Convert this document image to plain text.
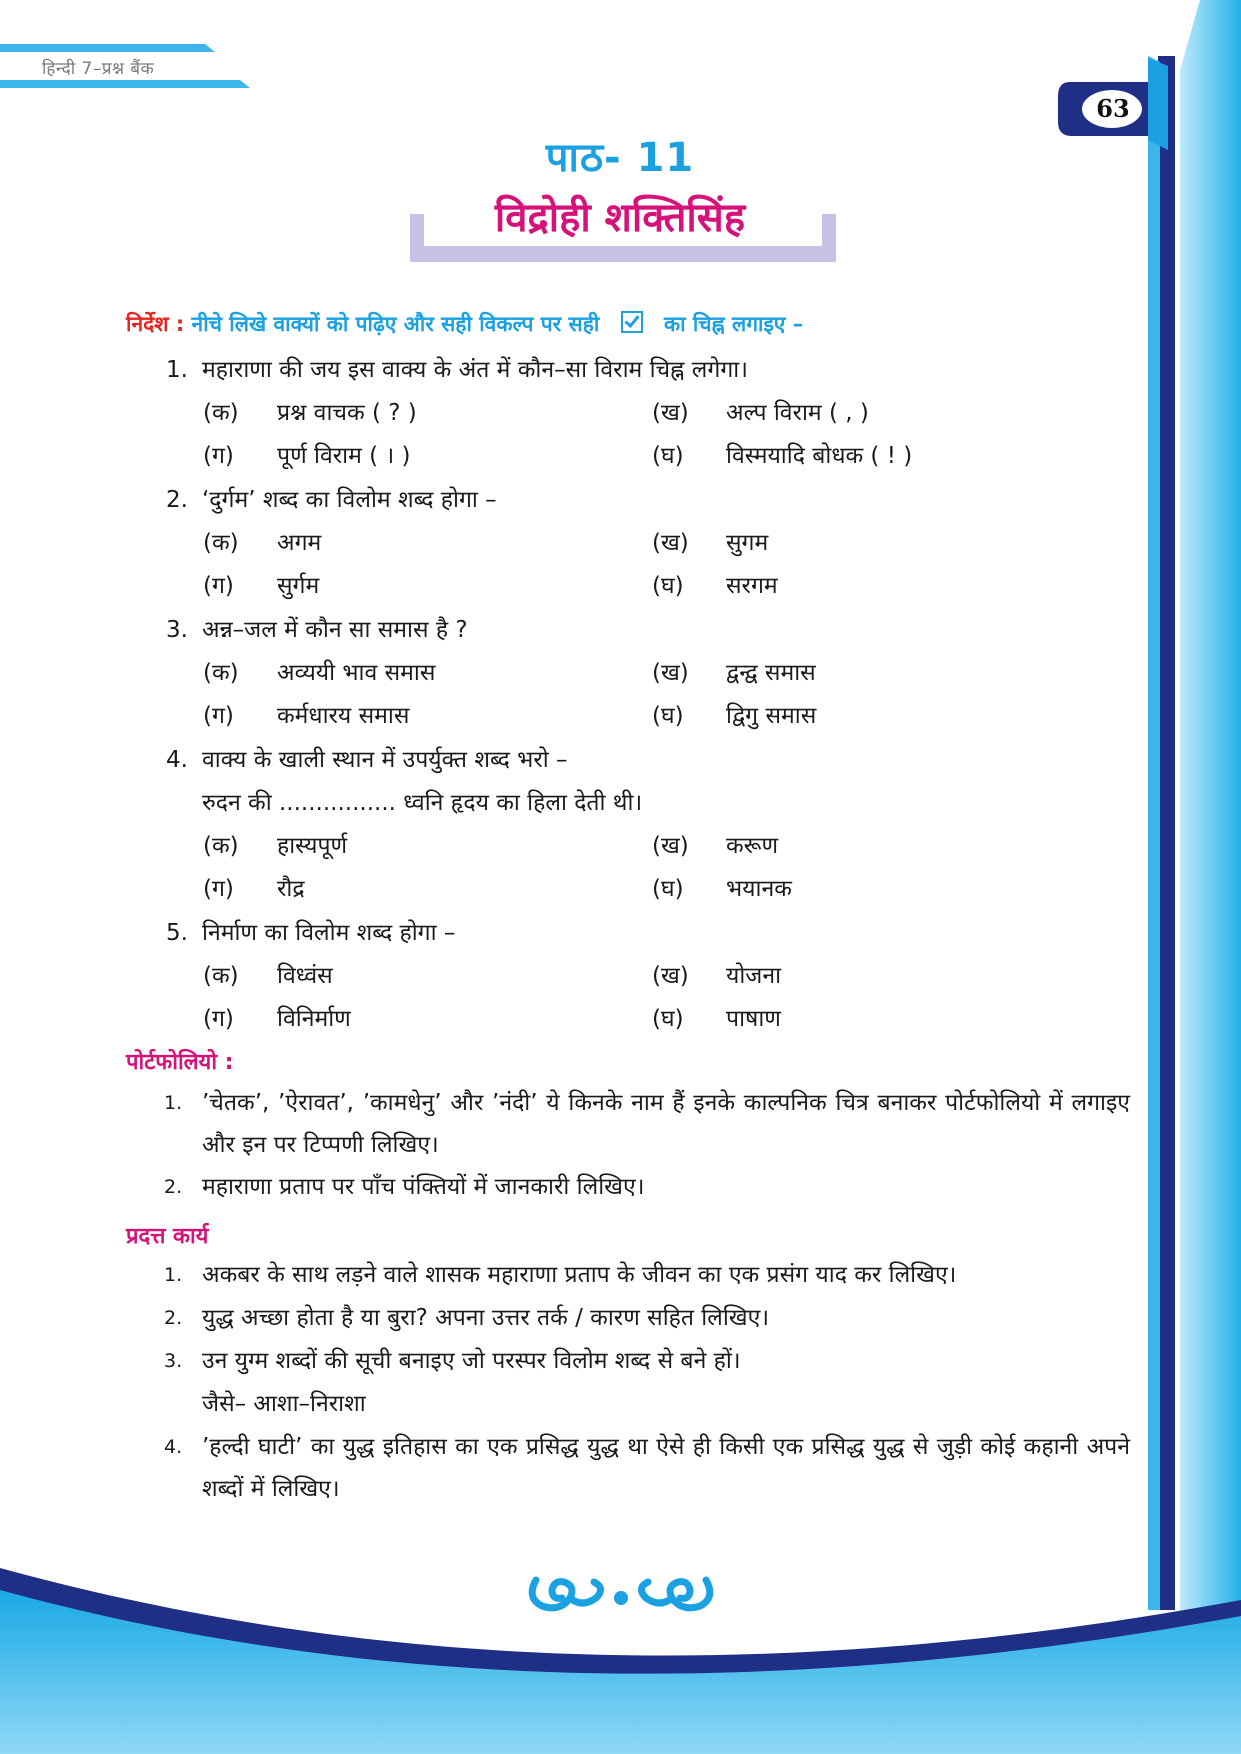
हिन्दी 7–प्रश्न बैंक
63
पाठ- 11
विद्रोही शक्तिसिंह
निर्देश : नीचे लिखे वाक्यों को पढ़िए और सही विकल्प पर सही	का चिह्न लगाइए –
1. महाराणा की जय इस वाक्य के अंत में कौन–सा विराम चिह्न लगेगा।
(क) प्रश्न वाचक ( ? )	(ख) अल्प विराम ( , )
(ग) पूर्ण विराम ( । )	(घ) विस्मयादि बोधक ( ! )
2. ‘दुर्गम’ शब्द का विलोम शब्द होगा –
(क) अगम	(ख) सुगम
(ग) सुर्गम	(घ) सरगम
3. अन्न–जल में कौन सा समास है ?
(क) अव्ययी भाव समास	(ख) द्वन्द्व समास
(ग) कर्मधारय समास	(घ) द्विगु समास
4. वाक्य के खाली स्थान में उपर्युक्त शब्द भरो –
रुदन की ................ ध्वनि हृदय का हिला देती थी।
(क) हास्यपूर्ण	(ख) करूण
(ग) रौद्र	(घ) भयानक
5. निर्माण का विलोम शब्द होगा –
(क) विध्वंस	(ख) योजना
(ग) विनिर्माण	(घ) पाषाण
पोर्टफोलियो :
1. ’चेतक’, ’ऐरावत’, ’कामधेनु’ और ’नंदी’ ये किनके नाम हैं इनके काल्पनिक चित्र बनाकर पोर्टफोलियो में लगाइए और इन पर टिप्पणी लिखिए।
2. महाराणा प्रताप पर पाँच पंक्तियों में जानकारी लिखिए।
प्रदत्त कार्य
1. अकबर के साथ लड़ने वाले शासक महाराणा प्रताप के जीवन का एक प्रसंग याद कर लिखिए।
2. युद्ध अच्छा होता है या बुरा? अपना उत्तर तर्क / कारण सहित लिखिए।
3. उन युग्म शब्दों की सूची बनाइए जो परस्पर विलोम शब्द से बने हों।
जैसे– आशा–निराशा
4. ’हल्दी घाटी’ का युद्ध इतिहास का एक प्रसिद्ध युद्ध था ऐसे ही किसी एक प्रसिद्ध युद्ध से जुड़ी कोई कहानी अपने शब्दों में लिखिए।
